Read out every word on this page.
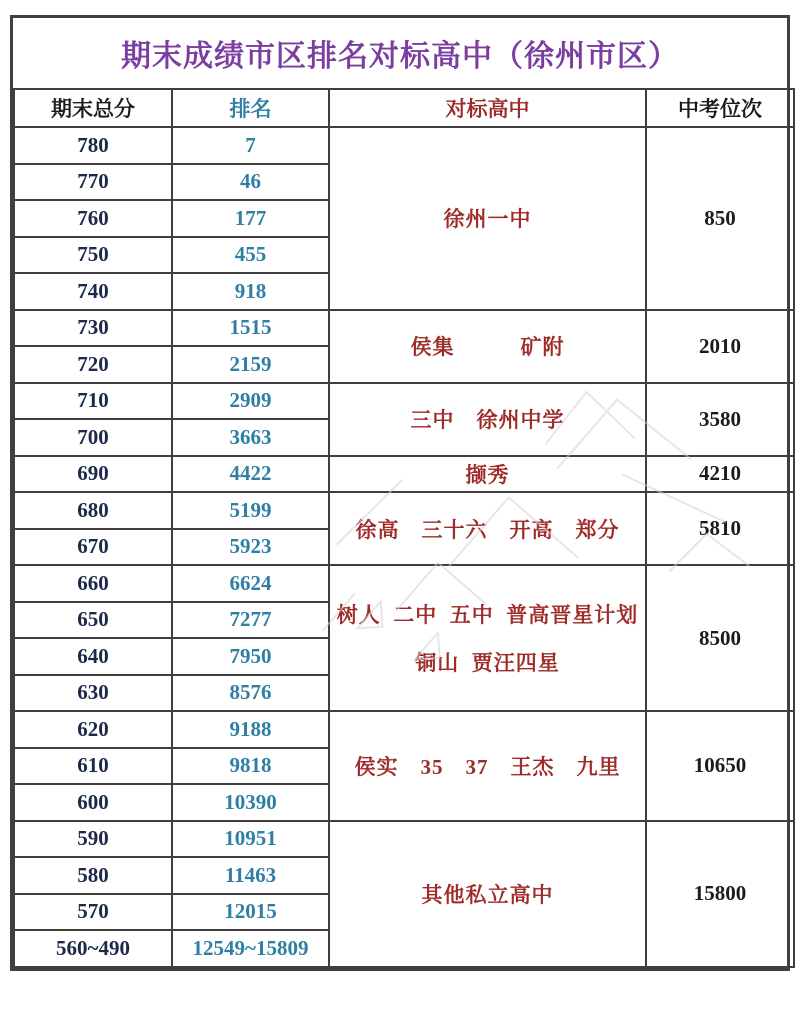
期末成绩市区排名对标高中（徐州市区）
期末总分	排名	对标高中	中考位次
780	7	徐州一中	850
770	46		
760	177		
750	455		
740	918		
730	1515	侯集　　　矿附	2010
720	2159		
710	2909	三中　徐州中学	3580
700	3663		
690	4422	撷秀	4210
680	5199	徐高　三十六　开高　郑分	5810
670	5923		
660	6624	树人  二中  五中  普高晋星计划
铜山  贾汪四星	8500
650	7277		
640	7950		
630	8576		
620	9188	侯实　35　37　王杰　九里	10650
610	9818		
600	10390		
590	10951	其他私立高中	15800
580	11463		
570	12015		
560~490	12549~15809		
